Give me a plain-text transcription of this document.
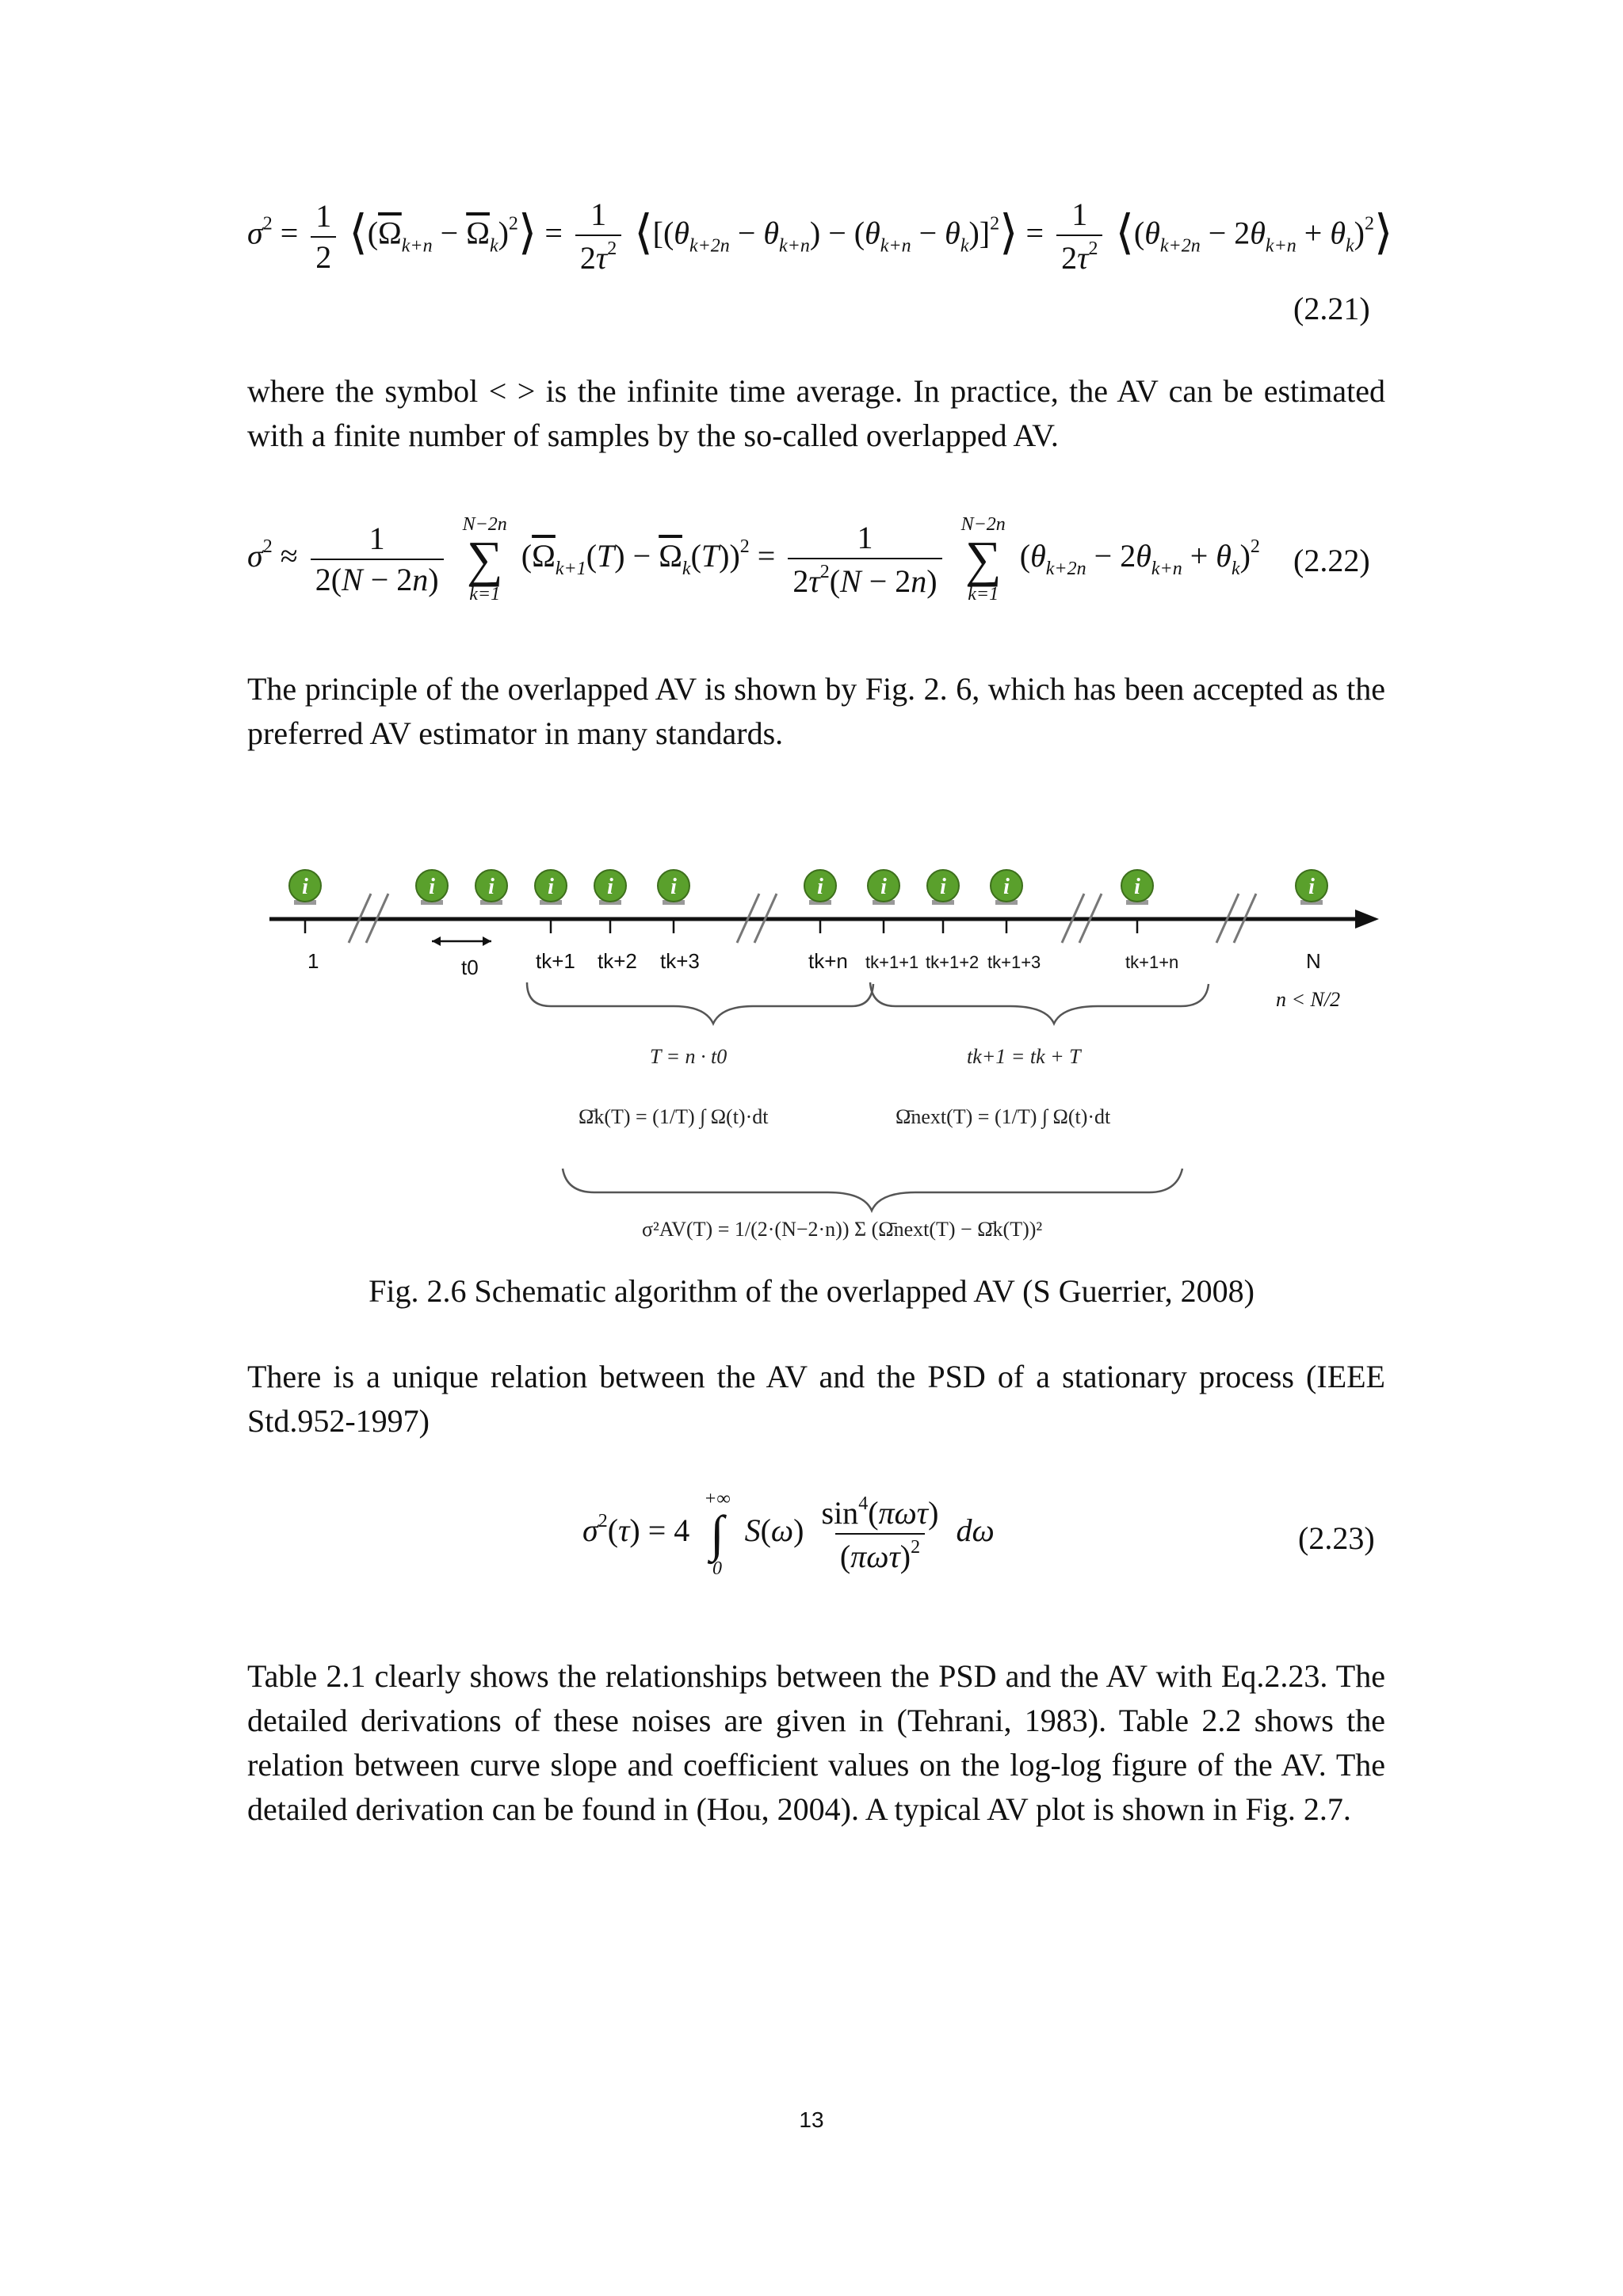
$\sigma^2 = \frac{1}{2}$ $⟨(\overline{\Omega}_{k+n}$ − $\overline{\Omega}_k)^2⟩ = \frac{1}{2\tau^2}$ $⟨[(\theta_{k+2n} - \theta_{k+n}) - (\theta_{k+n}$ − $\theta_k)]^2⟩ = \frac{1}{2\tau^2}$ $⟨(\theta_{k+2n} - 2\theta_{k+n}$ + $\theta_k)^2⟩$
(2.21)
where the symbol < > is the infinite time average. In practice, the AV can be estimated with a finite number of samples by the so-called overlapped AV.
$\sigma^2 \approx \frac{1}{2(N - 2n)}$
N−2n
∑
k=1
$(\overline{\Omega}_{k+1}(T) - \overline{\Omega}_k(T))^2 = \frac{1}{2\tau^2(N - 2n)}$
N−2n
∑
k=1
$(\theta_{k+2n} - 2\theta_{k+n} + \theta_k)^2$ (2.22)
The principle of the overlapped AV is shown by Fig. 2. 6, which has been accepted as the preferred AV estimator in many standards.
i	i i i i	i	i	i i	i	i	i
1	t0	tk+1 tk+2 tk+3	tk+n tk+1+1 tk+1+2 tk+1+3	tk+1+n	N
n < N/2
T = n · t0	tk+1 = tk + T
Ω̄k(T) = (1/T) ∫ Ω(t)·dt	Ω̄next(T) = (1/T) ∫ Ω(t)·dt
σ²AV(T) = 1/(2·(N−2·n)) Σ (Ω̄next(T) − Ω̄k(T))²
Fig. 2.6 Schematic algorithm of the overlapped AV (S Guerrier, 2008)
There is a unique relation between the AV and the PSD of a stationary process (IEEE Std.952-1997)
$\sigma^2(\tau) = 4$
+∞
∫
0
$S(\omega) \frac{\sin^4(\pi\omega\tau)}{(\pi\omega\tau)^2}$ dω	(2.23)
Table 2.1 clearly shows the relationships between the PSD and the AV with Eq.2.23. The detailed derivations of these noises are given in (Tehrani, 1983). Table 2.2 shows the relation between curve slope and coefficient values on the log-log figure of the AV. The detailed derivation can be found in (Hou, 2004). A typical AV plot is shown in Fig. 2.7.
13
